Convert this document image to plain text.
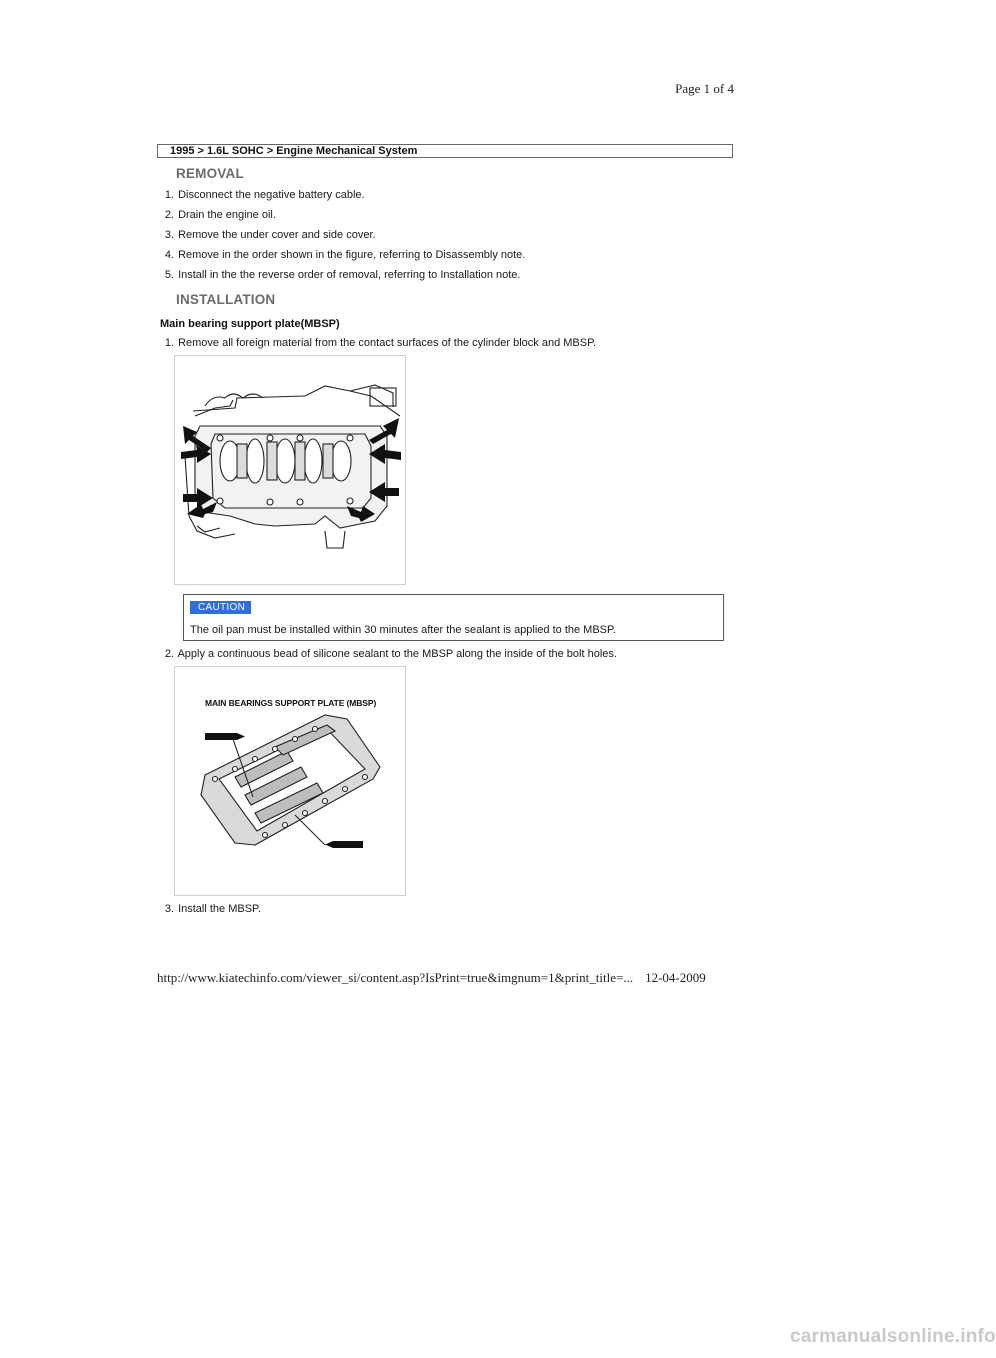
Page 1 of 4
1995 > 1.6L SOHC > Engine Mechanical System
REMOVAL
1. Disconnect the negative battery cable.
2. Drain the engine oil.
3. Remove the under cover and side cover.
4. Remove in the order shown in the figure, referring to Disassembly note.
5. Install in the the reverse order of removal, referring to Installation note.
INSTALLATION
Main bearing support plate(MBSP)
1. Remove all foreign material from the contact surfaces of the cylinder block and MBSP.
CAUTION
The oil pan must be installed within 30 minutes after the sealant is applied to the MBSP.
2. Apply a continuous bead of silicone sealant to the MBSP along the inside of the bolt holes.
MAIN BEARINGS SUPPORT PLATE (MBSP)
3. Install the MBSP.
http://www.kiatechinfo.com/viewer_si/content.asp?IsPrint=true&imgnum=1&print_title=... 12-04-2009
carmanualsonline.info
